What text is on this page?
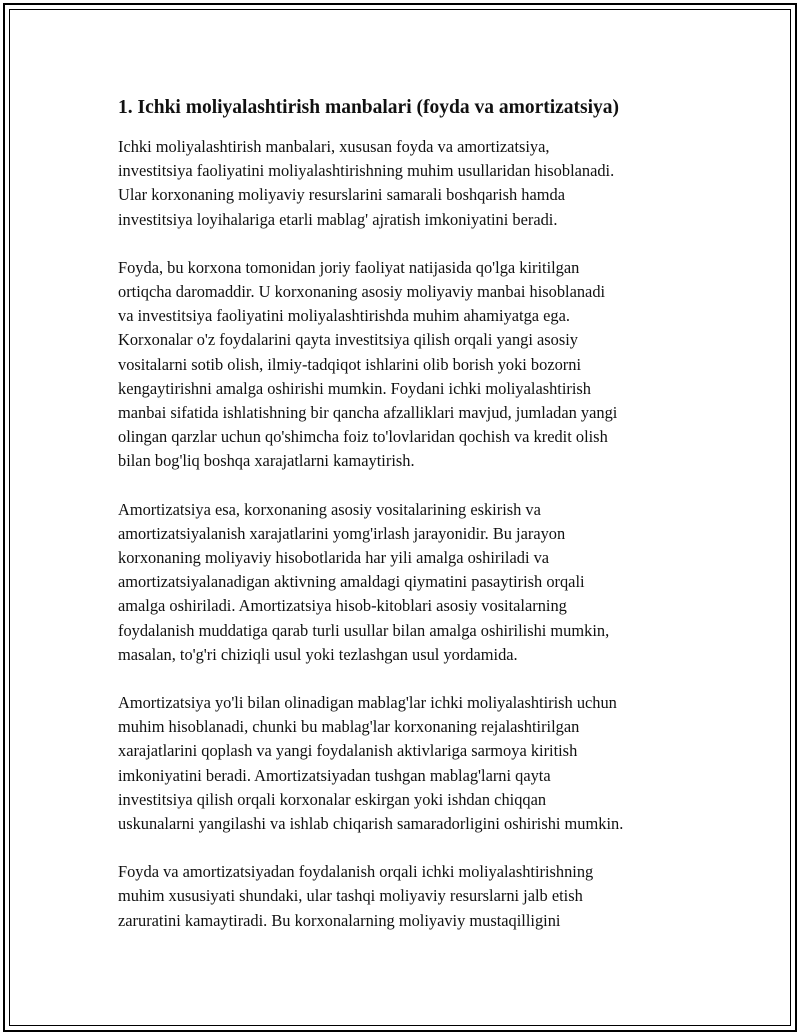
1. Ichki moliyalashtirish manbalari (foyda va amortizatsiya)

Ichki moliyalashtirish manbalari, xususan foyda va amortizatsiya,
investitsiya faoliyatini moliyalashtirishning muhim usullaridan hisoblanadi.
Ular korxonaning moliyaviy resurslarini samarali boshqarish hamda
investitsiya loyihalariga etarli mablag' ajratish imkoniyatini beradi.

Foyda, bu korxona tomonidan joriy faoliyat natijasida qo'lga kiritilgan
ortiqcha daromaddir. U korxonaning asosiy moliyaviy manbai hisoblanadi
va investitsiya faoliyatini moliyalashtirishda muhim ahamiyatga ega.
Korxonalar o'z foydalarini qayta investitsiya qilish orqali yangi asosiy
vositalarni sotib olish, ilmiy-tadqiqot ishlarini olib borish yoki bozorni
kengaytirishni amalga oshirishi mumkin. Foydani ichki moliyalashtirish
manbai sifatida ishlatishning bir qancha afzalliklari mavjud, jumladan yangi
olingan qarzlar uchun qo'shimcha foiz to'lovlaridan qochish va kredit olish
bilan bog'liq boshqa xarajatlarni kamaytirish.

Amortizatsiya esa, korxonaning asosiy vositalarining eskirish va
amortizatsiyalanish xarajatlarini yomg'irlash jarayonidir. Bu jarayon
korxonaning moliyaviy hisobotlarida har yili amalga oshiriladi va
amortizatsiyalanadigan aktivning amaldagi qiymatini pasaytirish orqali
amalga oshiriladi. Amortizatsiya hisob-kitoblari asosiy vositalarning
foydalanish muddatiga qarab turli usullar bilan amalga oshirilishi mumkin,
masalan, to'g'ri chiziqli usul yoki tezlashgan usul yordamida.

Amortizatsiya yo'li bilan olinadigan mablag'lar ichki moliyalashtirish uchun
muhim hisoblanadi, chunki bu mablag'lar korxonaning rejalashtirilgan
xarajatlarini qoplash va yangi foydalanish aktivlariga sarmoya kiritish
imkoniyatini beradi. Amortizatsiyadan tushgan mablag'larni qayta
investitsiya qilish orqali korxonalar eskirgan yoki ishdan chiqqan
uskunalarni yangilashi va ishlab chiqarish samaradorligini oshirishi mumkin.

Foyda va amortizatsiyadan foydalanish orqali ichki moliyalashtirishning
muhim xususiyati shundaki, ular tashqi moliyaviy resurslarni jalb etish
zaruratini kamaytiradi. Bu korxonalarning moliyaviy mustaqilligini
